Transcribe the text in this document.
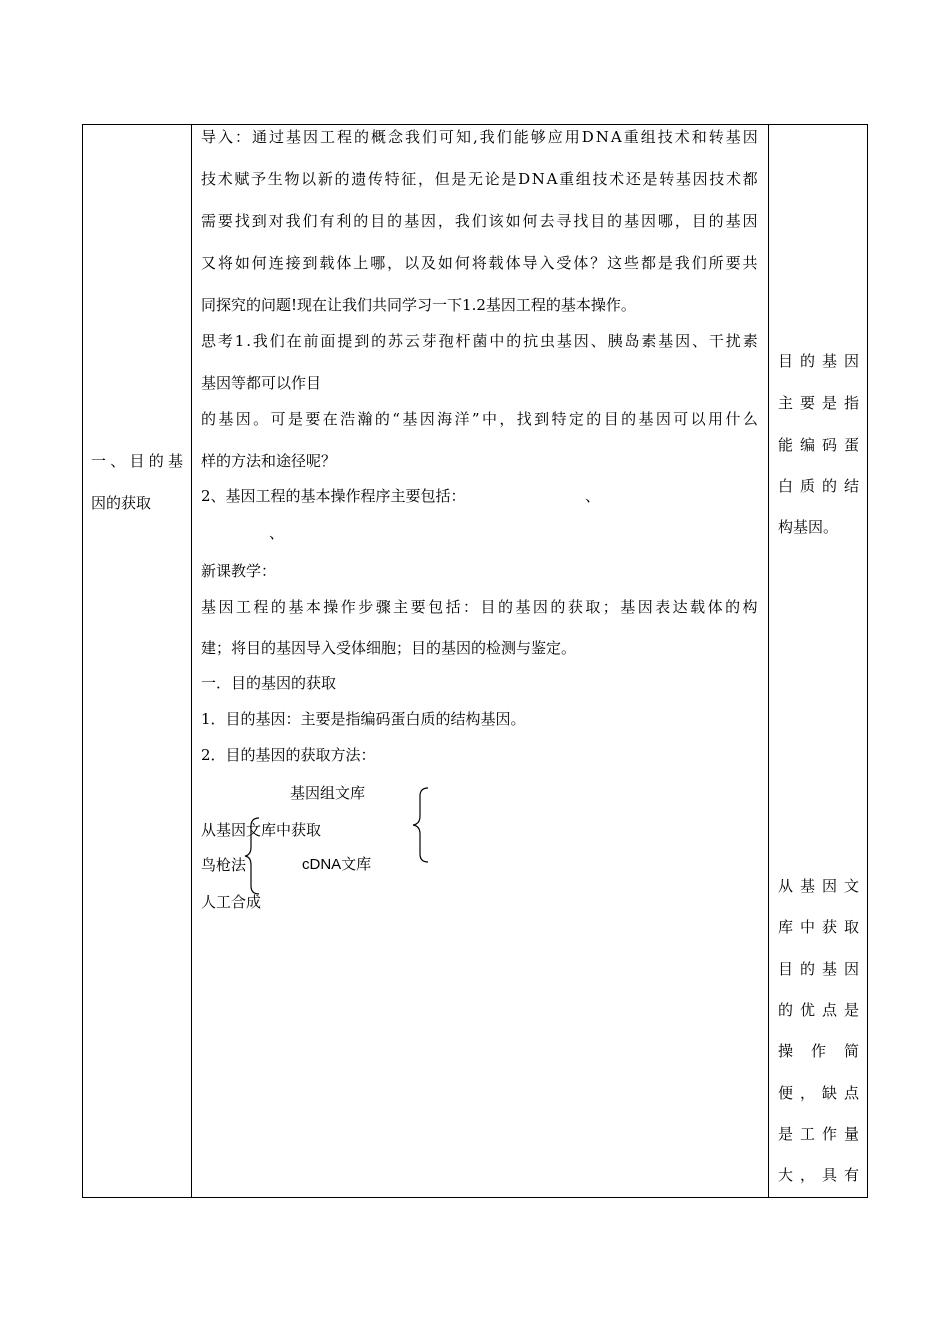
一 、 目 的 基
因的获取
导 入 ： 通 过 基 因 工 程 的 概 念 我 们 可 知 , 我 们 能 够 应 用 D N A 重 组 技 术 和 转 基 因
技 术 赋 予 生 物 以 新 的 遗 传 特 征 ， 但 是 无 论 是 D N A 重 组 技 术 还 是 转 基 因 技 术 都
需 要 找 到 对 我 们 有 利 的 目 的 基 因 ， 我 们 该 如 何 去 寻 找 目 的 基 因 哪 ， 目 的 基 因
又 将 如 何 连 接 到 载 体 上 哪 ， 以 及 如 何 将 载 体 导 入 受 体 ？ 这 些 都 是 我 们 所 要 共
同探究的问题!现在让我们共同学习一下1.2基因工程的基本操作。
思 考 1 . 我 们 在 前 面 提 到 的 苏 云 芽 孢 杆 菌 中 的 抗 虫 基 因 、 胰 岛 素 基 因 、 干 扰 素
基因等都可以作目
的 基 因 。 可 是 要 在 浩 瀚 的 “ 基 因 海 洋 ” 中 ， 找 到 特 定 的 目 的 基 因 可 以 用 什 么
样的方法和途径呢？
2、基因工程的基本操作程序主要包括：	、
、
新课教学：
基 因 工 程 的 基 本 操 作 步 骤 主 要 包 括 ： 目 的 基 因 的 获 取 ； 基 因 表 达 载 体 的 构
建；将目的基因导入受体细胞；目的基因的检测与鉴定。
一．目的基因的获取
1．目的基因：主要是指编码蛋白质的结构基因。
2．目的基因的获取方法：
基因组文库
从基因文库中获取
鸟枪法	cDNA文库
人工合成
目 的 基 因
主 要 是 指
能 编 码 蛋
白 质 的 结
构基因。
从 基 因 文
库 中 获 取
目 的 基 因
的 优 点 是
操 作 简
便 ， 缺 点
是 工 作 量
大 ， 具 有
